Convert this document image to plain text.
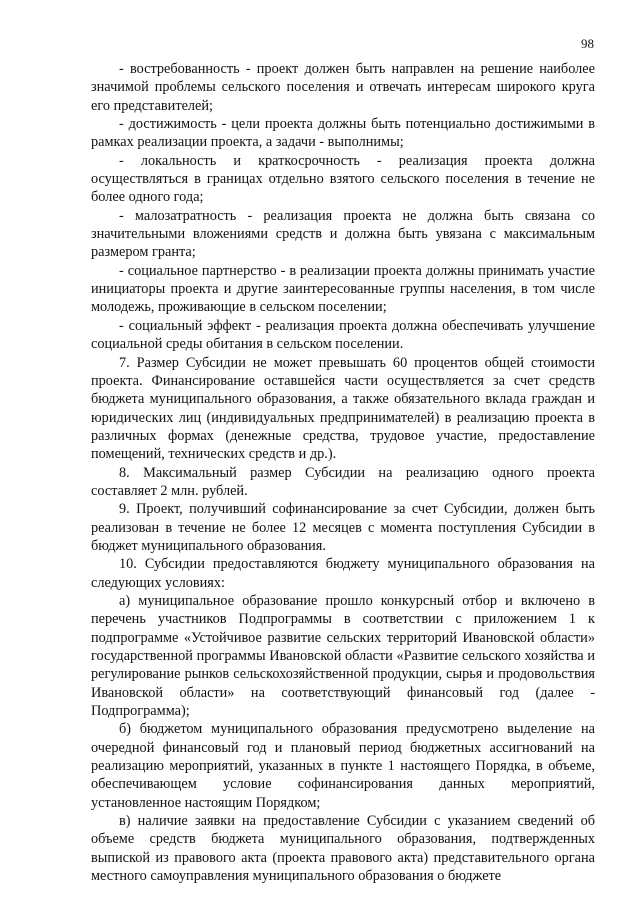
98

- востребованность - проект должен быть направлен на решение наиболее значимой проблемы сельского поселения и отвечать интересам широкого круга его представителей;

- достижимость - цели проекта должны быть потенциально достижимыми в рамках реализации проекта, а задачи - выполнимы;

- локальность и краткосрочность - реализация проекта должна осуществляться в границах отдельно взятого сельского поселения в течение не более одного года;

- малозатратность - реализация проекта не должна быть связана со значительными вложениями средств и должна быть увязана с максимальным размером гранта;

- социальное партнерство - в реализации проекта должны принимать участие инициаторы проекта и другие заинтересованные группы населения, в том числе молодежь, проживающие в сельском поселении;

- социальный эффект - реализация проекта должна обеспечивать улучшение социальной среды обитания в сельском поселении.

7. Размер Субсидии не может превышать 60 процентов общей стоимости проекта. Финансирование оставшейся части осуществляется за счет средств бюджета муниципального образования, а также обязательного вклада граждан и юридических лиц (индивидуальных предпринимателей) в реализацию проекта в различных формах (денежные средства, трудовое участие, предоставление помещений, технических средств и др.).

8. Максимальный размер Субсидии на реализацию одного проекта составляет 2 млн. рублей.

9. Проект, получивший софинансирование за счет Субсидии, должен быть реализован в течение не более 12 месяцев с момента поступления Субсидии в бюджет муниципального образования.

10. Субсидии предоставляются бюджету муниципального образования на следующих условиях:

а) муниципальное образование прошло конкурсный отбор и включено в перечень участников Подпрограммы в соответствии с приложением 1 к подпрограмме «Устойчивое развитие сельских территорий Ивановской области» государственной программы Ивановской области «Развитие сельского хозяйства и регулирование рынков сельскохозяйственной продукции, сырья и продовольствия Ивановской области» на соответствующий финансовый год (далее - Подпрограмма);

б) бюджетом муниципального образования предусмотрено выделение на очередной финансовый год и плановый период бюджетных ассигнований на реализацию мероприятий, указанных в пункте 1 настоящего Порядка, в объеме, обеспечивающем условие софинансирования данных мероприятий, установленное настоящим Порядком;

в) наличие заявки на предоставление Субсидии с указанием сведений об объеме средств бюджета муниципального образования, подтвержденных выпиской из правового акта (проекта правового акта) представительного органа местного самоуправления муниципального образования о бюджете
